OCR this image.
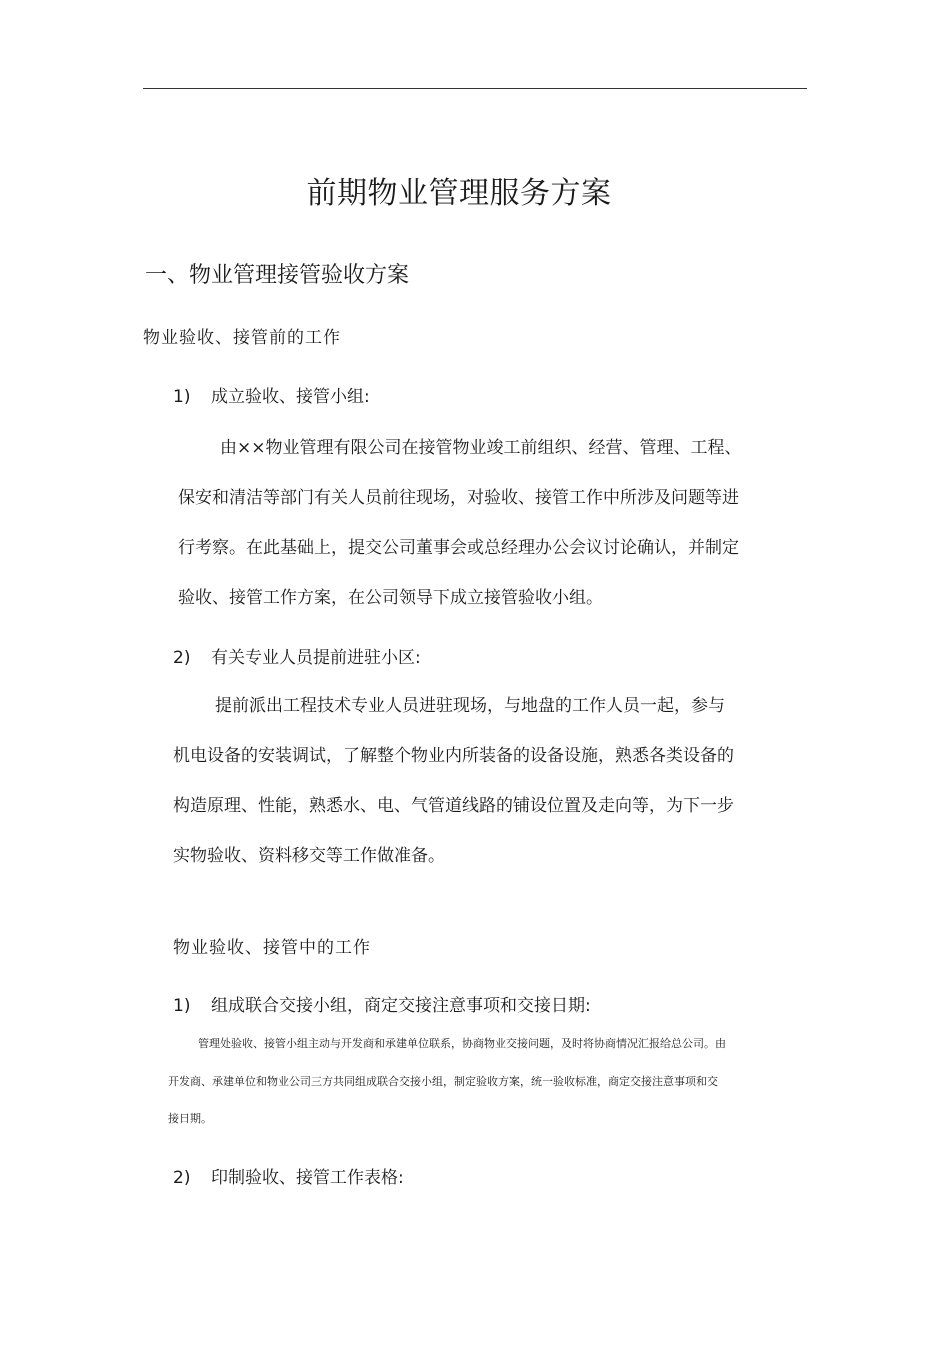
前期物业管理服务方案
一、物业管理接管验收方案
物业验收、接管前的工作
1) 成立验收、接管小组:
由××物业管理有限公司在接管物业竣工前组织、经营、管理、工程、
保安和清洁等部门有关人员前往现场，对验收、接管工作中所涉及问题等进
行考察。在此基础上，提交公司董事会或总经理办公会议讨论确认，并制定
验收、接管工作方案，在公司领导下成立接管验收小组。
2) 有关专业人员提前进驻小区:
提前派出工程技术专业人员进驻现场，与地盘的工作人员一起，参与
机电设备的安装调试，了解整个物业内所装备的设备设施，熟悉各类设备的
构造原理、性能，熟悉水、电、气管道线路的铺设位置及走向等，为下一步
实物验收、资料移交等工作做准备。
物业验收、接管中的工作
1) 组成联合交接小组，商定交接注意事项和交接日期:
管理处验收、接管小组主动与开发商和承建单位联系，协商物业交接问题，及时将协商情况汇报给总公司。由
开发商、承建单位和物业公司三方共同组成联合交接小组，制定验收方案，统一验收标准，商定交接注意事项和交
接日期。
2) 印制验收、接管工作表格:
